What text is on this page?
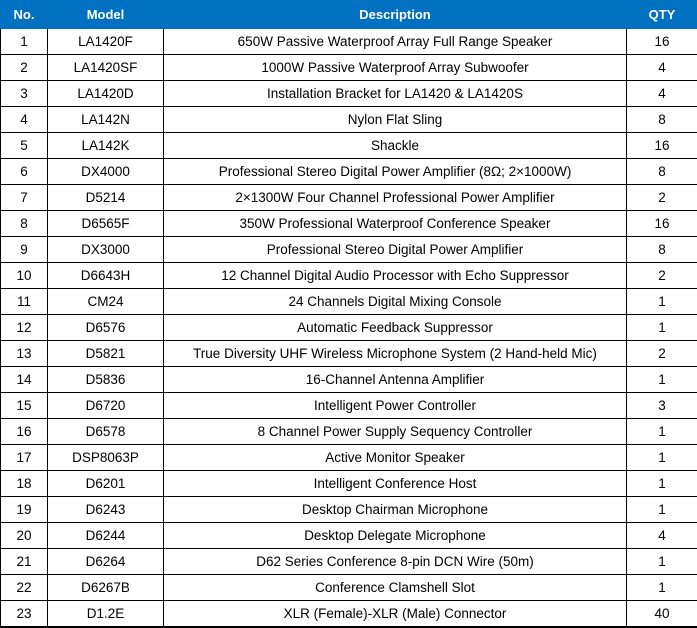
No.	Model	Description	QTY
1	LA1420F	650W Passive Waterproof Array Full Range Speaker	16
2	LA1420SF	1000W Passive Waterproof Array Subwoofer	4
3	LA1420D	Installation Bracket for LA1420 & LA1420S	4
4	LA142N	Nylon Flat Sling	8
5	LA142K	Shackle	16
6	DX4000	Professional Stereo Digital Power Amplifier (8Ω; 2×1000W)	8
7	D5214	2×1300W Four Channel Professional Power Amplifier	2
8	D6565F	350W Professional Waterproof Conference Speaker	16
9	DX3000	Professional Stereo Digital Power Amplifier	8
10	D6643H	12 Channel Digital Audio Processor with Echo Suppressor	2
11	CM24	24 Channels Digital Mixing Console	1
12	D6576	Automatic Feedback Suppressor	1
13	D5821	True Diversity UHF Wireless Microphone System (2 Hand-held Mic)	2
14	D5836	16-Channel Antenna Amplifier	1
15	D6720	Intelligent Power Controller	3
16	D6578	8 Channel Power Supply Sequency Controller	1
17	DSP8063P	Active Monitor Speaker	1
18	D6201	Intelligent Conference Host	1
19	D6243	Desktop Chairman Microphone	1
20	D6244	Desktop Delegate Microphone	4
21	D6264	D62 Series Conference 8-pin DCN Wire (50m)	1
22	D6267B	Conference Clamshell Slot	1
23	D1.2E	XLR (Female)-XLR (Male) Connector	40
